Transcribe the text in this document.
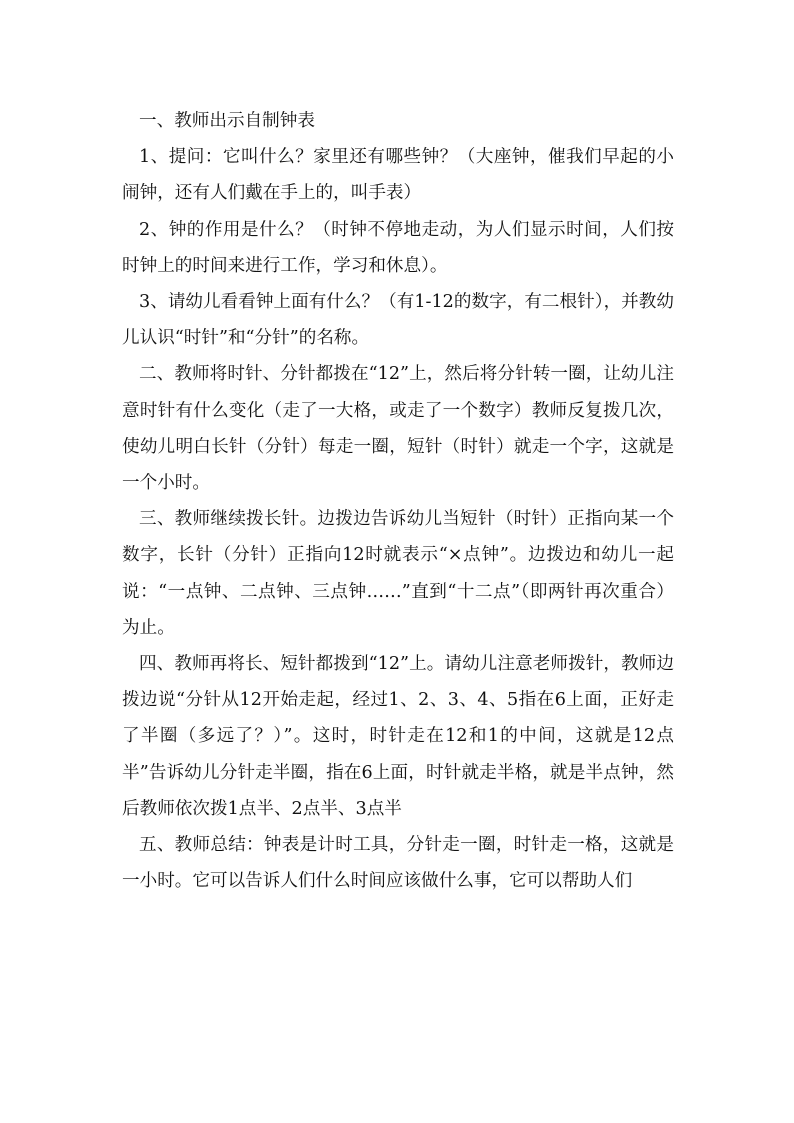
一、教师出示自制钟表

1、提问：它叫什么？家里还有哪些钟？（大座钟，催我们早起的小闹钟，还有人们戴在手上的，叫手表）

2、钟的作用是什么？（时钟不停地走动，为人们显示时间，人们按时钟上的时间来进行工作，学习和休息）。

3、请幼儿看看钟上面有什么？（有1-12的数字，有二根针），并教幼儿认识“时针”和“分针”的名称。

二、教师将时针、分针都拨在“12”上，然后将分针转一圈，让幼儿注意时针有什么变化（走了一大格，或走了一个数字）教师反复拨几次，使幼儿明白长针（分针）每走一圈，短针（时针）就走一个字，这就是一个小时。

三、教师继续拨长针。边拨边告诉幼儿当短针（时针）正指向某一个数字，长针（分针）正指向12时就表示“×点钟”。边拨边和幼儿一起说：“一点钟、二点钟、三点钟……”直到“十二点”（即两针再次重合）为止。

四、教师再将长、短针都拨到“12”上。请幼儿注意老师拨针，教师边拨边说“分针从12开始走起，经过1、2、3、4、5指在6上面，正好走了半圈（多远了？）”。这时，时针走在12和1的中间，这就是12点半”告诉幼儿分针走半圈，指在6上面，时针就走半格，就是半点钟，然后教师依次拨1点半、2点半、3点半

五、教师总结：钟表是计时工具，分针走一圈，时针走一格，这就是一小时。它可以告诉人们什么时间应该做什么事，它可以帮助人们
